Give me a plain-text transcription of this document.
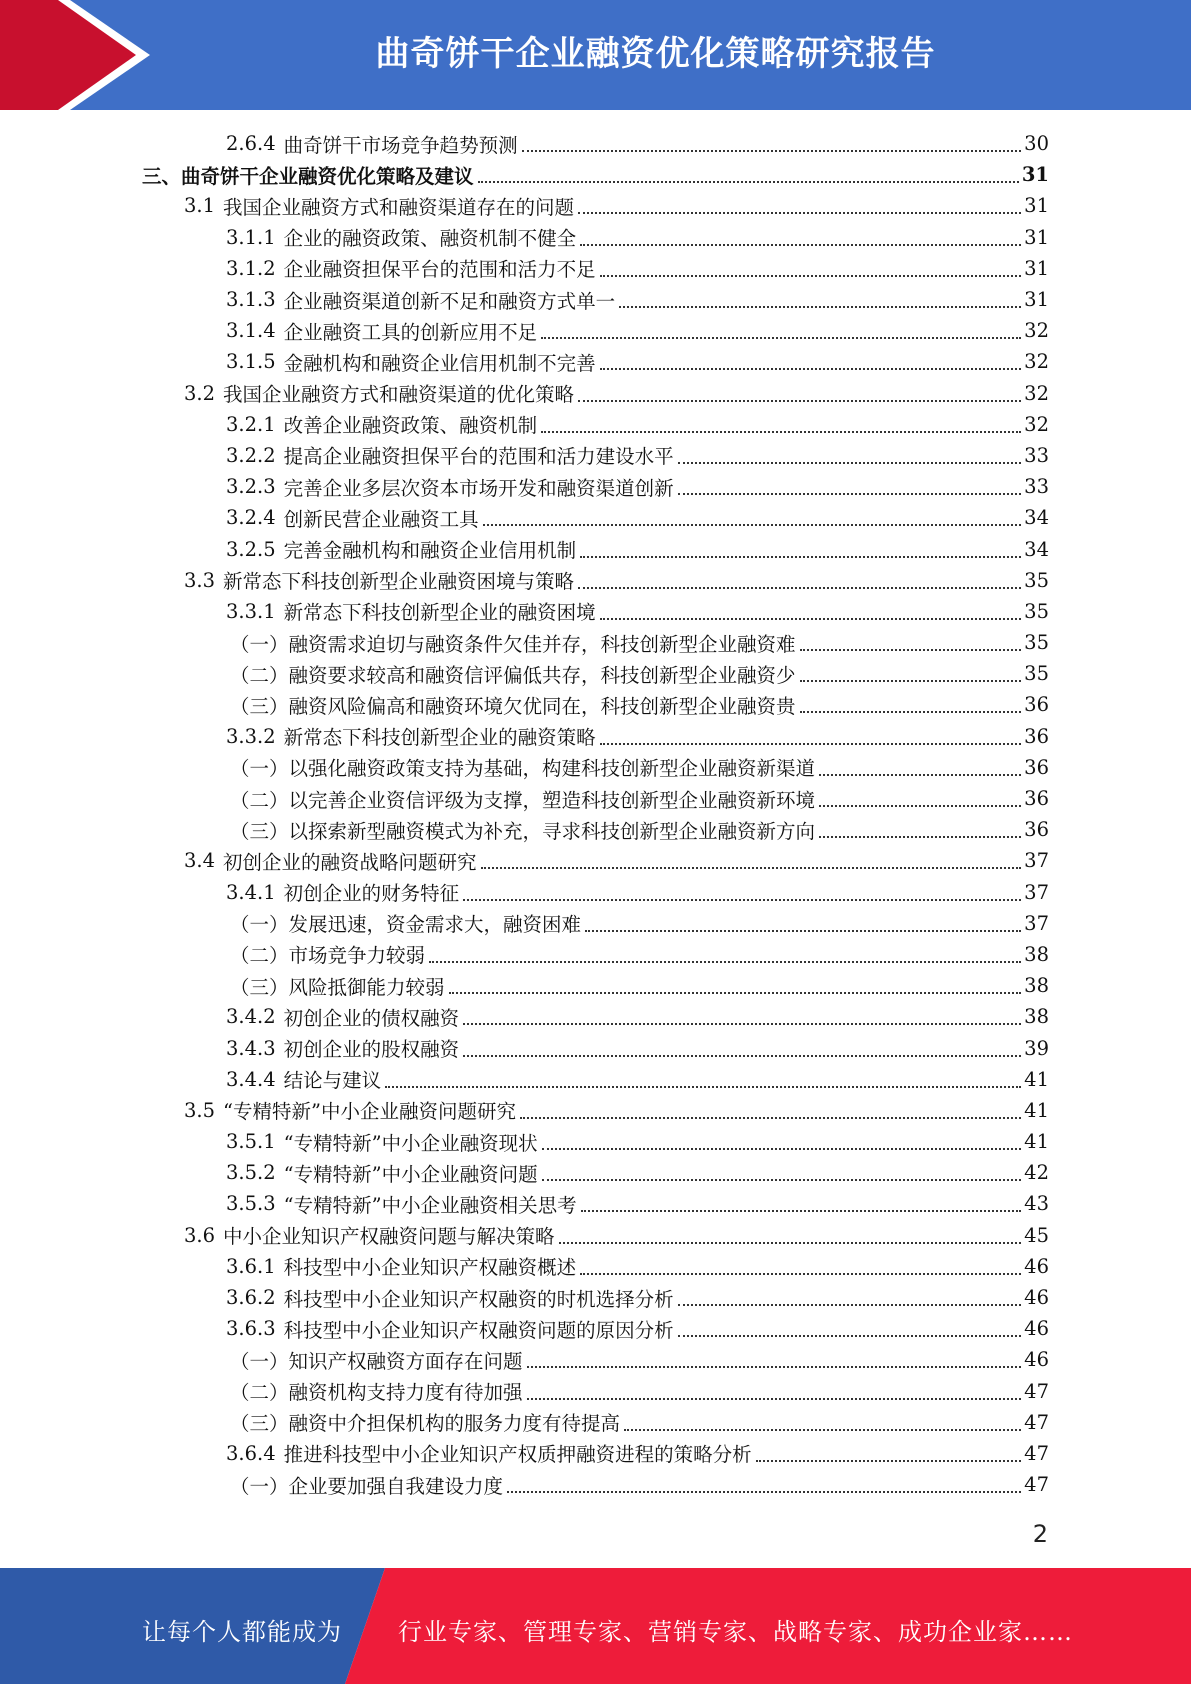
曲奇饼干企业融资优化策略研究报告
2.6.4 曲奇饼干市场竞争趋势预测	30
三、曲奇饼干企业融资优化策略及建议	31
3.1 我国企业融资方式和融资渠道存在的问题	31
3.1.1 企业的融资政策、融资机制不健全	31
3.1.2 企业融资担保平台的范围和活力不足	31
3.1.3 企业融资渠道创新不足和融资方式单一	31
3.1.4 企业融资工具的创新应用不足	32
3.1.5 金融机构和融资企业信用机制不完善	32
3.2 我国企业融资方式和融资渠道的优化策略	32
3.2.1 改善企业融资政策、融资机制	32
3.2.2 提高企业融资担保平台的范围和活力建设水平	33
3.2.3 完善企业多层次资本市场开发和融资渠道创新	33
3.2.4 创新民营企业融资工具	34
3.2.5 完善金融机构和融资企业信用机制	34
3.3 新常态下科技创新型企业融资困境与策略	35
3.3.1 新常态下科技创新型企业的融资困境	35
（一） 融资需求迫切与融资条件欠佳并存，科技创新型企业融资难	35
（二） 融资要求较高和融资信评偏低共存，科技创新型企业融资少	35
（三） 融资风险偏高和融资环境欠优同在，科技创新型企业融资贵	36
3.3.2 新常态下科技创新型企业的融资策略	36
（一） 以强化融资政策支持为基础，构建科技创新型企业融资新渠道	36
（二） 以完善企业资信评级为支撑，塑造科技创新型企业融资新环境	36
（三） 以探索新型融资模式为补充，寻求科技创新型企业融资新方向	36
3.4 初创企业的融资战略问题研究	37
3.4.1 初创企业的财务特征	37
（一） 发展迅速，资金需求大，融资困难	37
（二） 市场竞争力较弱	38
（三） 风险抵御能力较弱	38
3.4.2 初创企业的债权融资	38
3.4.3 初创企业的股权融资	39
3.4.4 结论与建议	41
3.5 “专精特新”中小企业融资问题研究	41
3.5.1 “专精特新”中小企业融资现状	41
3.5.2 “专精特新”中小企业融资问题	42
3.5.3 “专精特新”中小企业融资相关思考	43
3.6 中小企业知识产权融资问题与解决策略	45
3.6.1 科技型中小企业知识产权融资概述	46
3.6.2 科技型中小企业知识产权融资的时机选择分析	46
3.6.3 科技型中小企业知识产权融资问题的原因分析	46
（一） 知识产权融资方面存在问题	46
（二） 融资机构支持力度有待加强	47
（三） 融资中介担保机构的服务力度有待提高	47
3.6.4 推进科技型中小企业知识产权质押融资进程的策略分析	47
（一） 企业要加强自我建设力度	47
2
让每个人都能成为 行业专家、管理专家、营销专家、战略专家、成功企业家……
